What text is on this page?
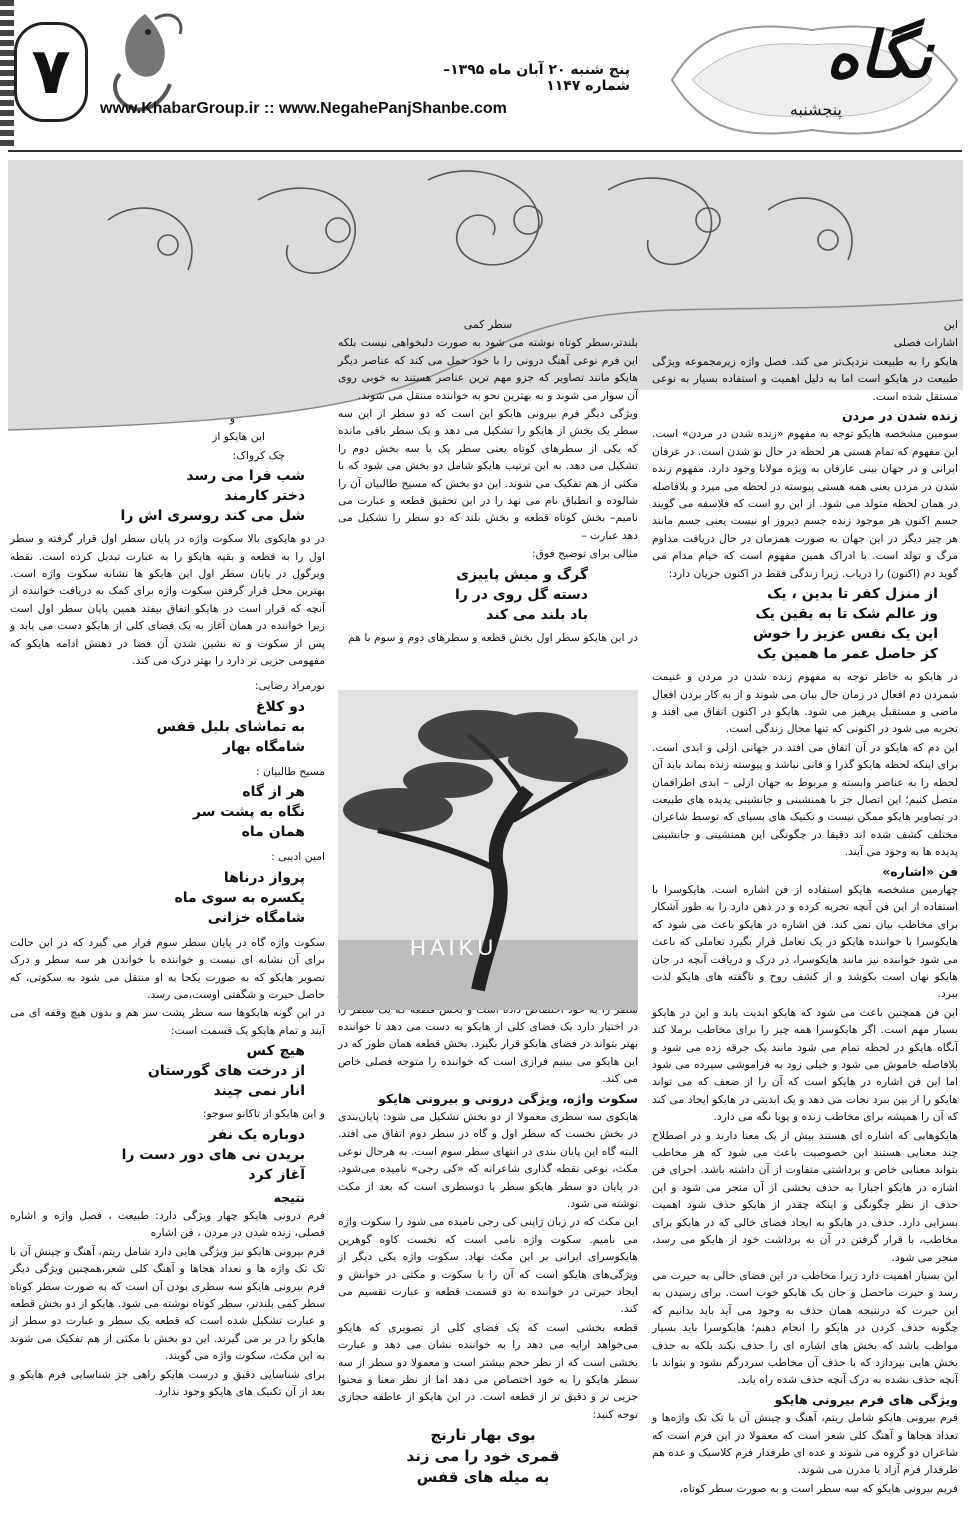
۷	پنج شنبه ۲۰ آبان ماه ۱۳۹۵– شماره ۱۱۴۷
www.KhabarGroup.ir :: www.NegahePanjShanbe.com
نگاه
پنجشنبه

این

اشارات فصلی

هایکو را به طبیعت نزدیک‌تر می کند. فصل واژه زیرمجموعه ویژگی طبیعت در هایکو است اما به دلیل اهمیت و استفاده بسیار به نوعی مستقل شده است.

زنده شدن در مردن

سومین مشخصه هایکو توجه به مفهوم «زنده شدن در مردن» است. این مفهوم که تمام هستی هر لحظه در حال نو شدن است. در عرفان ایرانی و در جهان بینی عارفان به ویژه مولانا وجود دارد. مفهوم زنده شدن در مردن یعنی همه هستی پیوسته در لحظه می میرد و بلافاصله در همان لحظه متولد می شود. از این رو است که فلاسفه می گویند جسم اکنون هر موجود زنده جسم دیروز او نیست یعنی جسم مانند هر چیز دیگر در این جهان به صورت همزمان در حال دریافت مداوم مرگ و تولد است. با ادراک همین مفهوم است که خیام مدام می گوید دم (اکنون) را دریاب. زیرا زندگی فقط در اکنون جریان دارد:

از منزل کفر تا بدین ، یک
وز عالم شک تا به یقین یک
این یک نفس عزیز را خوش
کز حاصل عمر ما همین یک

در هایکو به خاطر توجه به مفهوم زنده شدن در مردن و غنیمت شمردن دم افعال در زمان حال بیان می شوند و از به کار بردن افعال ماضی و مستقبل پرهیز می شود. هایکو در اکنون اتفاق می افتد و تجربه می شود در اکنونی که تنها مجال زندگی است.

این دم که هایکو در آن اتفاق می افتد در جهانی ازلی و ابدی است. برای اینکه لحظه هایکو گذرا و فانی نباشد و پیوسته زنده بماند باید آن لحظه را به عناصر وابسته و مربوط به جهان ازلی – ابدی اطرافمان متصل کنیم؛ این اتصال جز با همنشینی و جانشینی پدیده های طبیعت در تصاویر هایکو ممکن نیست و تکنیک های بسیای که توسط شاعران مختلف کشف شده اند دقیقا در چگونگی این همنشینی و جانشینی پدیده ها به وجود می آیند.

فن «اشاره»

چهارمین مشخصه هایکو استفاده از فن اشاره است. هایکوسرا با استفاده از این فن آنچه تجربه کرده و در ذهن دارد را به طور آشکار برای مخاطب بیان نمی کند. فن اشاره در هایکو باعث می شود که هایکوسرا با خواننده هایکو در یک تعامل قرار بگیرد تعاملی که باعث می شود خواننده نیز مانند هایکوسرا، در درک و دریافت آنچه در جان هایکو نهان است بکوشد و از کشف روح و ناگفته های هایکو لذت ببرد.

این فن همچنین باعث می شود که هایکو ابدیت یابد و این در هایکو بسیار مهم است. اگر هایکوسرا همه چیز را برای مخاطب برملا کند آنگاه هایکو در لحظه تمام می شود مانند یک جرقه زده می شود و بلافاصله خاموش می شود و خیلی زود به فراموشی سپرده می شود اما این فن اشاره در هایکو است که آن را از ضعف که می تواند هایکو را از بین ببرد نجات می دهد و یک ابدیتی در هایکو ایجاد می کند که آن را همیشه برای مخاطب زنده و پویا نگه می دارد.

هایکوهایی که اشاره ای هستند بیش از یک معنا دارند و در اصطلاح چند معنایی هستند این خصوصیت باعث می شود که هر مخاطب بتواند معنایی خاص و برداشتی متفاوت از آن داشته باشد. اجرای فن اشاره در هایکو اجبارا به حذف بخشی از آن منجر می شود و این حذف از نظر چگونگی و اینکه چقدر از هایکو حذف شود اهمیت بسزایی دارد. حذف در هایکو به ایجاد فضای خالی که در هایکو برای مخاطب، با قرار گرفتن در آن به برداشت خود از هایکو می رسد، منجر می شود.

این بسیار اهمیت دارد زیرا مخاطب در این فضای خالی به حیرت می رسد و حیرت ماحصل و جان یک هایکو خوب است. برای رسیدن به این حیرت که درنتیجه همان حذف به وجود می آید باید بدانیم که چگونه حذف کردن در هایکو را انجام دهیم؛ هایکوسرا باید بسیار مواظب باشد که بخش های اشاره ای را حذف نکند بلکه به حذف بخش هایی بپردازد که با حذف آن مخاطب سردرگم نشود و بتواند با آنچه حذف نشده به درک آنچه حذف شده راه یابد.

ویژگی های فرم بیرونی هایکو

فرم بیرونی هایکو شامل ریتم، آهنگ و چینش آن با تک تک واژه‌ها و تعداد هجاها و آهنگ کلی شعر است که معمولا در این فرم است که شاعران دو گروه می شوند و عده ای طرفدار فرم کلاسیک و عده هم طرفدار فرم آزاد یا مدرن می شوند.

فریم بیرونی هایکو که سه سطر است و به صورت سطر کوتاه،

سطر کمی

بلندتر،سطر کوتاه نوشته می شود به صورت دلبخواهی نیست بلکه این فرم نوعی آهنگ درونی را با خود حمل می کند که عناصر دیگر هایکو مانند تصاویر که جزو مهم ترین عناصر هستند به خوبی روی آن سوار می شوند و به بهترین نحو به خواننده منتقل می شوند.

ویژگی دیگر فرم بیرونی هایکو این است که دو سطر از این سه سطر یک بخش از هایکو را تشکیل می دهد و یک سطر باقی مانده که یکی از سطرهای کوتاه یعنی سطر یک یا سه بخش دوم را تشکیل می دهد. به این ترتیب هایکو شامل دو بخش می شود که با مکثی از هم تفکیک می شوند. این دو بخش که مسیح طالبیان آن را شالوده و انطباق نام می نهد را در این تحقیق قطعه و عبارت می نامیم– بخش کوتاه قطعه و بخش بلند که دو سطر را تشکیل می دهد عبارت –

مثالی برای توضیح فوق:

گرگ و میش پاییزی
دسته گل روی در را
باد بلند می کند

در این هایکو سطر اول بخش قطعه و سطرهای دوم و سوم با هم

در اختیار دارد یک فضای کلی از هایکو به دست می دهد تا خواننده بهتر بتواند در فضای هایکو قرار بگیرد. بخش قطعه همان طور که در این هایکو می بینیم فرازی است که خواننده را متوجه فصلی خاص می کند.

سکوت واژه، ویژگی درونی و بیرونی هایکو

هایکوی سه سطری معمولا از دو بخش تشکیل می شود: پایان‌بندی در بخش نخست که سطر اول و گاه در سطر دوم اتفاق می افتد. البته گاه این پایان بندی در انتهای سطر سوم است. به هرحال نوعی مکث، نوعی نقطه گذاری شاعرانه که «کی رجی» نامیده می‌شود. در پایان دو سطر هایکو سطر یا دوسطری است که بعد از مکث نوشته می شود.

این مکث که در زبان ژاپنی کی رجی نامیده می شود را سکوت واژه می نامیم. سکوت واژه نامی است که نخست کاوه گوهرین هایکوسرای ایرانی بر این مکث نهاد. سکوت واژه یکی دیگر از ویژگی‌های هایکو است که آن را با سکوت و مکثی در خوانش و ایجاد حیرتی در خواننده به دو قسمت قطعه و عبارت تقسیم می کند.

قطعه بخشی است که یک فضای کلی از تصویری که هایکو می‌خواهد ارایه می دهد را به خواننده نشان می دهد و عبارت بخشی است که از نظر حجم بیشتر است و معمولا دو سطر از سه سطر هایکو را به خود اختصاص می دهد اما از نظر معنا و محتوا جزیی تر و دقیق تر از قطعه است. در این هایکو از عاطفه حجازی توجه کنید:

بوی بهار نارنج
قمری خود را می زند
به میله های قفس
HAIKU

و

این هایکو از

چک کرواک:

شب فرا می رسد
دختر کارمند
شل می کند روسری اش را

در دو هایکوی بالا سکوت واژه در پایان سطر اول قرار گرفته و سطر اول را به قطعه و بقیه هایکو را به عبارت تبدیل کرده است. نقطه ویرگول در پایان سطر اول این هایکو ها نشانه سکوت واژه است. بهترین محل قرار گرفتن سکوت واژه برای کمک به دریافت خواننده از آنچه که قرار است در هایکو اتفاق بیفتد همین پایان سطر اول است زیرا خواننده در همان آغاز به یک فضای کلی از هایکو دست می یابد و پس از سکوت و ته نشین شدن آن فضا در ذهنش ادامه هایکو که مفهومی جزیی تر دارد را بهتر درک می کند.

نورمراد رضایی:

دو کلاغ
به تماشای بلبل قفس
شامگاه بهار

مسیح طالبیان :

هر از گاه
نگاه به پشت سر
همان ماه

امین ادیبی :

پرواز درناها
یکسره به سوی ماه
شامگاه خزانی

سکوت واژه گاه در پایان سطر سوم قرار می گیرد که در این حالت برای آن نشانه ای نیست و خواننده با خواندن هر سه سطر و درک تصویر هایکو که به صورت یکجا به او منتقل می شود به سکوتی، که حاصل حیرت و شگفتی اوست،می رسد.

در این گونه هایکوها سه سطر پشت سر هم و بدون هیچ وقفه ای می آیند و تمام هایکو یک قسمت است:

هیچ کس
از درخت های گورستان
انار نمی چیند

و این هایکو از تاکانو سوجو:

دوباره یک نفر
بریدن نی های دور دست را
آغاز کرد
نتیجه

فرم درونی هایکو چهار ویژگی دارد: طبیعت ، فصل واژه و اشاره فصلی، زنده شدن در مردن ، فن اشاره

فرم بیرونی هایکو نیز ویژگی هایی دارد شامل ریتم، آهنگ و چینش آن با تک تک واژه ها و تعداد هجاها و آهنگ کلی شعر،همچنین ویژگی دیگر فرم بیرونی هایکو سه سطری بودن آن است که به صورت سطر کوتاه سطر کمی بلندتر، سطر کوتاه نوشته می شود. هایکو از دو بخش قطعه و عبارت تشکیل شده است که قطعه یک سطر و عبارت دو سطر از هایکو را در بر می گیرند. این دو بخش با مکثی از هم تفکیک می شوند به این مکث، سکوت واژه می گویند.

برای شناسایی دقیق و درست هایکو راهی جز شناسایی فرم هایکو و بعد از آن تکنیک های هایکو وجود ندارد.
